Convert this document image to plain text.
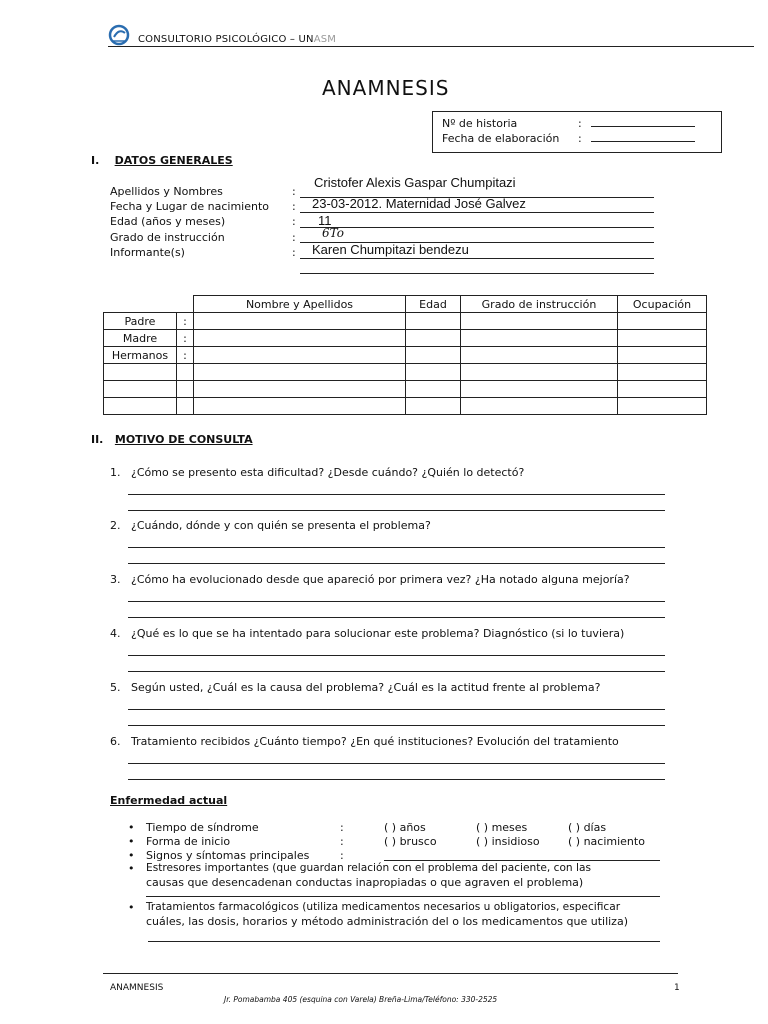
CONSULTORIO PSICOLÓGICO – UNASM
ANAMNESIS
Nº de historia	:
Fecha de elaboración :
I. DATOS GENERALES
Apellidos y Nombres	:
Cristofer Alexis Gaspar Chumpitazi
Fecha y Lugar de nacimiento : 23-03-2012. Maternidad José Galvez
Edad (años y meses)	: 11
Grado de instrucción	: 6To
Informante(s)	: Karen Chumpitazi bendezu
		Nombre y Apellidos	Edad	Grado de instrucción	Ocupación
Padre	:				
Madre	:				
Hermanos	:				

II. MOTIVO DE CONSULTA
1.   ¿Cómo se presento esta dificultad? ¿Desde cuándo? ¿Quién lo detectó?
2.   ¿Cuándo, dónde y con quién se presenta el problema?
3.   ¿Cómo ha evolucionado desde que apareció por primera vez? ¿Ha notado alguna mejoría?
4.   ¿Qué es lo que se ha intentado para solucionar este problema? Diagnóstico (si lo tuviera)
5.   Según usted, ¿Cuál es la causa del problema? ¿Cuál es la actitud frente al problema?
6.   Tratamiento recibidos ¿Cuánto tiempo? ¿En qué instituciones? Evolución del tratamiento
Enfermedad actual
• Tiempo de síndrome	:	( ) años	( ) meses	( ) días
• Forma de inicio	:	( ) brusco	( ) insidioso	( ) nacimiento
• Signos y síntomas principales	:
• Estresores importantes (que guardan relación con el problema del paciente, con las
causas que desencadenan conductas inapropiadas o que agraven el problema)
• Tratamientos farmacológicos (utiliza medicamentos necesarios u obligatorios, especificar
cuáles, las dosis, horarios y método administración del o los medicamentos que utiliza)
ANAMNESIS	1
Jr. Pomabamba 405 (esquina con Varela) Breña-Lima/Teléfono: 330-2525
